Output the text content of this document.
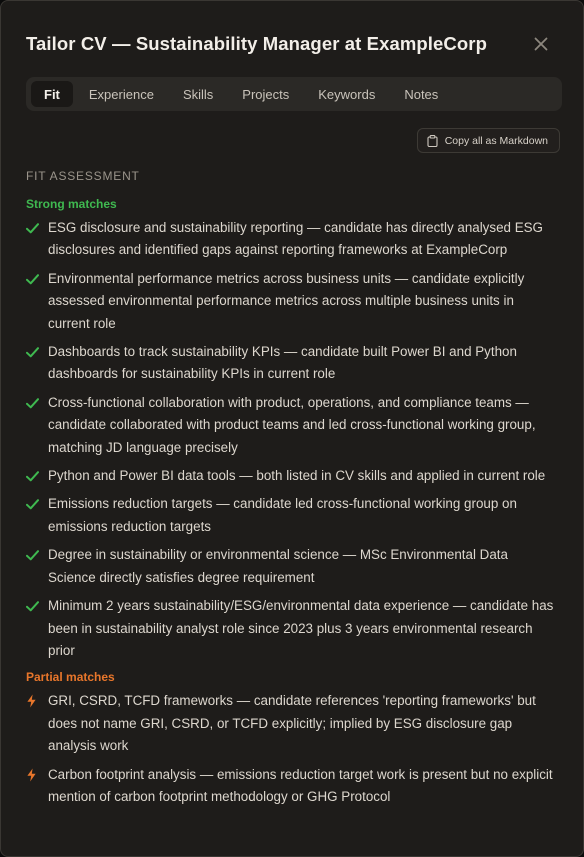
Tailor CV — Sustainability Manager at ExampleCorp
Fit	Experience	Skills	Projects	Keywords	Notes
Copy all as Markdown
FIT ASSESSMENT
Strong matches
ESG disclosure and sustainability reporting — candidate has directly analysed ESG disclosures and identified gaps against reporting frameworks at ExampleCorp
Environmental performance metrics across business units — candidate explicitly assessed environmental performance metrics across multiple business units in current role
Dashboards to track sustainability KPIs — candidate built Power BI and Python dashboards for sustainability KPIs in current role
Cross-functional collaboration with product, operations, and compliance teams — candidate collaborated with product teams and led cross-functional working group, matching JD language precisely
Python and Power BI data tools — both listed in CV skills and applied in current role
Emissions reduction targets — candidate led cross-functional working group on emissions reduction targets
Degree in sustainability or environmental science — MSc Environmental Data Science directly satisfies degree requirement
Minimum 2 years sustainability/ESG/environmental data experience — candidate has been in sustainability analyst role since 2023 plus 3 years environmental research prior
Partial matches
GRI, CSRD, TCFD frameworks — candidate references 'reporting frameworks' but does not name GRI, CSRD, or TCFD explicitly; implied by ESG disclosure gap analysis work
Carbon footprint analysis — emissions reduction target work is present but no explicit mention of carbon footprint methodology or GHG Protocol
